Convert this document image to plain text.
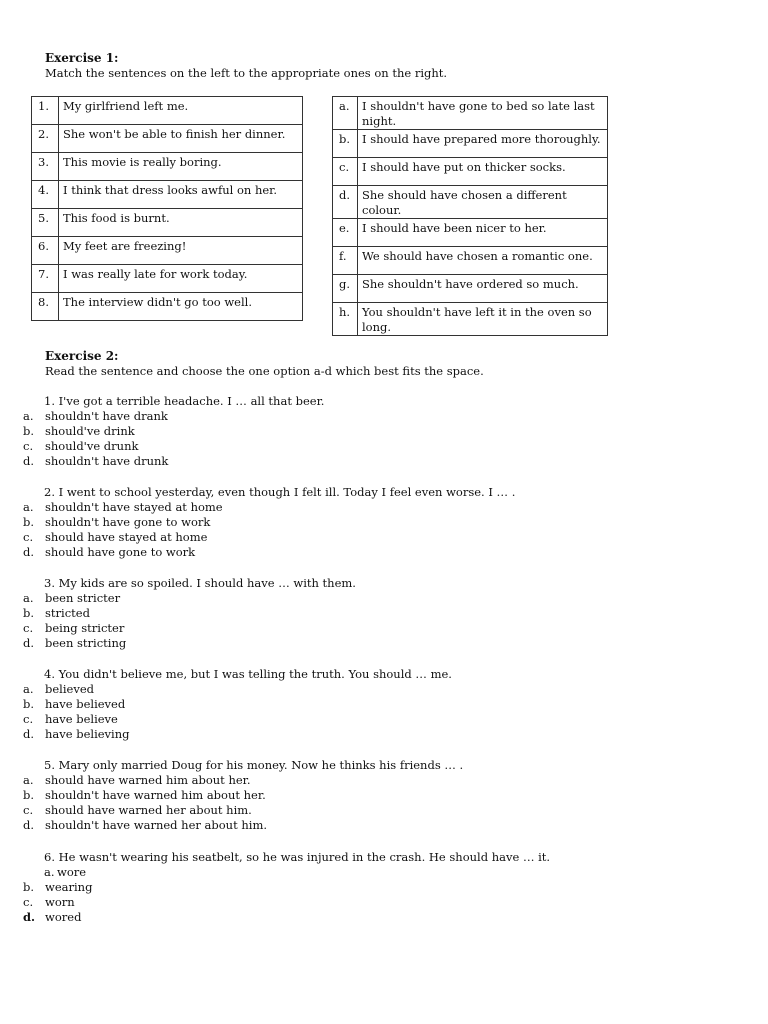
Exercise 1:
Match the sentences on the left to the appropriate ones on the right.
1.	My girlfriend left me.
2.	She won't be able to finish her dinner.
3.	This movie is really boring.
4.	I think that dress looks awful on her.
5.	This food is burnt.
6.	My feet are freezing!
7.	I was really late for work today.
8.	The interview didn't go too well.
a.	I shouldn't have gone to bed so late last night.
b.	I should have prepared more thoroughly.
c.	I should have put on thicker socks.
d.	She should have chosen a different colour.
e.	I should have been nicer to her.
f.	We should have chosen a romantic one.
g.	She shouldn't have ordered so much.
h.	You shouldn't have left it in the oven so long.
Exercise 2:
Read the sentence and choose the one option a-d which best fits the space.
1. I've got a terrible headache. I … all that beer.
a. shouldn't have drank
b. should've drink
c. should've drunk
d. shouldn't have drunk
2. I went to school yesterday, even though I felt ill. Today I feel even worse. I … .
a. shouldn't have stayed at home
b. shouldn't have gone to work
c. should have stayed at home
d. should have gone to work
3. My kids are so spoiled. I should have … with them.
a. been stricter
b. stricted
c. being stricter
d. been stricting
4. You didn't believe me, but I was telling the truth. You should … me.
a. believed
b. have believed
c. have believe
d. have believing
5. Mary only married Doug for his money. Now he thinks his friends … .
a. should have warned him about her.
b. shouldn't have warned him about her.
c. should have warned her about him.
d. shouldn't have warned her about him.
6. He wasn't wearing his seatbelt, so he was injured in the crash. He should have … it.
a. wore
b. wearing
c. worn
d. wored
